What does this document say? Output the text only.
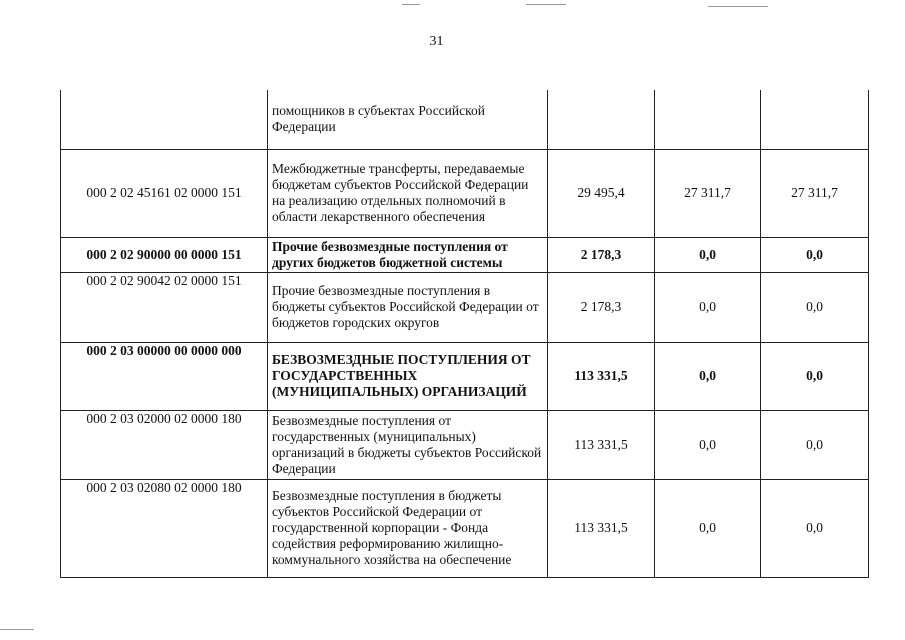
31
	помощников в субъектах Российской Федерации			
000 2 02 45161 02 0000 151	Межбюджетные трансферты, передаваемые бюджетам субъектов Российской Федерации на реализацию отдельных полномочий в области лекарственного обеспечения	29 495,4	27 311,7	27 311,7
000 2 02 90000 00 0000 151	Прочие безвозмездные поступления от других бюджетов бюджетной системы	2 178,3	0,0	0,0
000 2 02 90042 02 0000 151	Прочие безвозмездные поступления в бюджеты субъектов Российской Федерации от бюджетов городских округов	2 178,3	0,0	0,0
000 2 03 00000 00 0000 000	БЕЗВОЗМЕЗДНЫЕ ПОСТУПЛЕНИЯ ОТ ГОСУДАРСТВЕННЫХ (МУНИЦИПАЛЬНЫХ) ОРГАНИЗАЦИЙ	113 331,5	0,0	0,0
000 2 03 02000 02 0000 180	Безвозмездные поступления от государственных (муниципальных) организаций в бюджеты субъектов Российской Федерации	113 331,5	0,0	0,0
000 2 03 02080 02 0000 180	Безвозмездные поступления в бюджеты субъектов Российской Федерации от государственной корпорации - Фонда содействия реформированию жилищно-коммунального хозяйства на обеспечение	113 331,5	0,0	0,0
